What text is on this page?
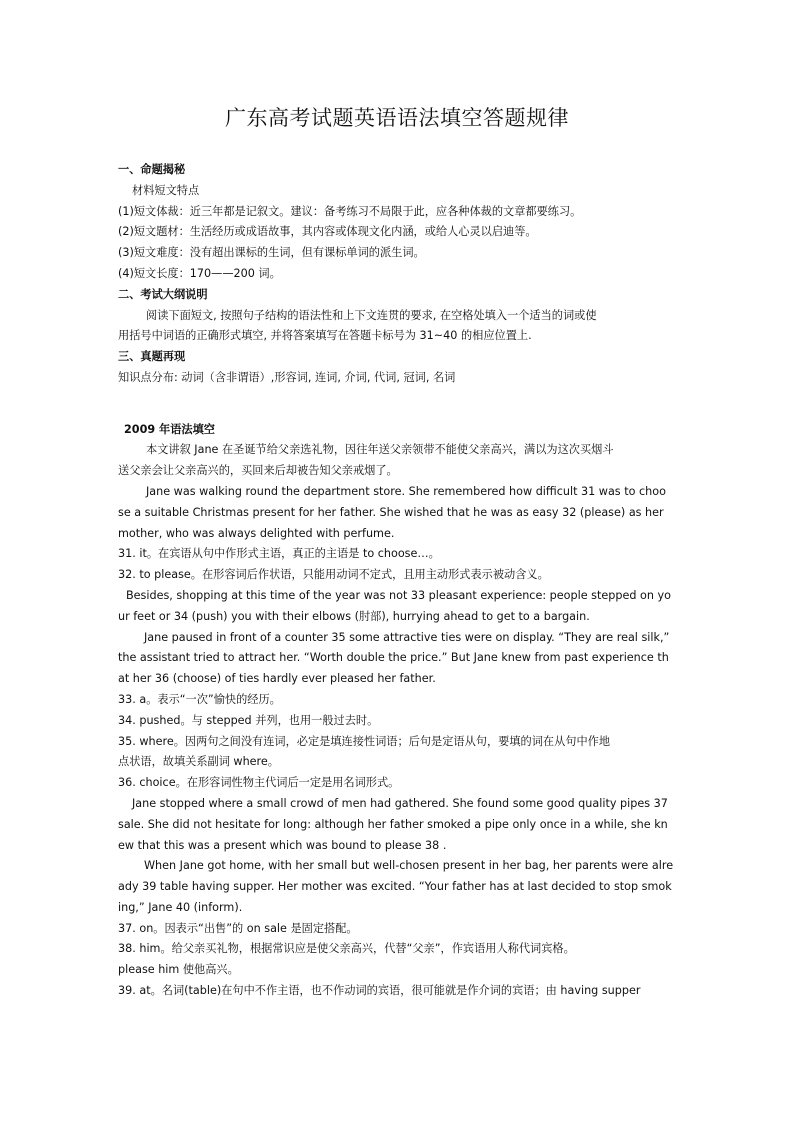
广东高考试题英语语法填空答题规律
一、命题揭秘
材料短文特点
(1)短文体裁：近三年都是记叙文。建议：备考练习不局限于此，应各种体裁的文章都要练习。
(2)短文题材：生活经历或成语故事，其内容或体现文化内涵，或给人心灵以启迪等。
(3)短文难度：没有超出课标的生词，但有课标单词的派生词。
(4)短文长度：170——200 词。
二、考试大纲说明
阅读下面短文, 按照句子结构的语法性和上下文连贯的要求, 在空格处填入一个适当的词或使
用括号中词语的正确形式填空, 并将答案填写在答题卡标号为 31~40 的相应位置上.
三、真题再现
知识点分布: 动词（含非谓语）,形容词, 连词, 介词, 代词, 冠词, 名词
2009 年语法填空
本文讲叙 Jane 在圣诞节给父亲选礼物，因往年送父亲领带不能使父亲高兴，满以为这次买烟斗
送父亲会让父亲高兴的，买回来后却被告知父亲戒烟了。
Jane was walking round the department store. She remembered how difficult 31 was to choo
se a suitable Christmas present for her father. She wished that he was as easy 32 (please) as her
mother, who was always delighted with perfume.
31. it。在宾语从句中作形式主语，真正的主语是 to choose…。
32. to please。在形容词后作状语，只能用动词不定式，且用主动形式表示被动含义。
Besides, shopping at this time of the year was not 33 pleasant experience: people stepped on yo
ur feet or 34 (push) you with their elbows (肘部), hurrying ahead to get to a bargain.
Jane paused in front of a counter 35 some attractive ties were on display. “They are real silk,”
the assistant tried to attract her. “Worth double the price.” But Jane knew from past experience th
at her 36 (choose) of ties hardly ever pleased her father.
33. a。表示“一次”愉快的经历。
34. pushed。与 stepped 并列，也用一般过去时。
35. where。因两句之间没有连词，必定是填连接性词语；后句是定语从句，要填的词在从句中作地
点状语，故填关系副词 where。
36. choice。在形容词性物主代词后一定是用名词形式。
Jane stopped where a small crowd of men had gathered. She found some good quality pipes 37
sale. She did not hesitate for long: although her father smoked a pipe only once in a while, she kn
ew that this was a present which was bound to please 38 .
When Jane got home, with her small but well-chosen present in her bag, her parents were alre
ady 39 table having supper. Her mother was excited. “Your father has at last decided to stop smok
ing,” Jane 40 (inform).
37. on。因表示“出售”的 on sale 是固定搭配。
38. him。给父亲买礼物，根据常识应是使父亲高兴，代替“父亲”，作宾语用人称代词宾格。
please him 使他高兴。
39. at。名词(table)在句中不作主语，也不作动词的宾语，很可能就是作介词的宾语；由 having supper
